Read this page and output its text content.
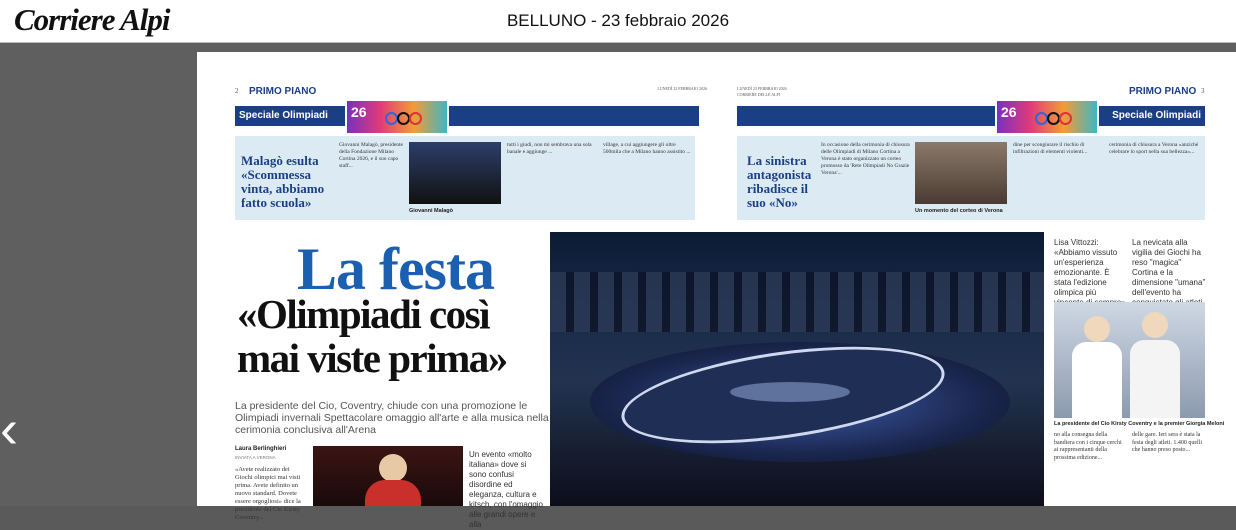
Corriere Alpi	BELLUNO - 23 febbraio 2026
‹
2 PRIMO PIANO	LUNEDÌ 23 FEBBRAIO 2026	LUNEDÌ 23 FEBBRAIO 2026
CORRIERE DELLE ALPI	PRIMO PIANO 3
Speciale Olimpiadi	Speciale Olimpiadi
26	26
Malagò esulta «Scommessa vinta, abbiamo fatto scuola»
Giovanni Malagò, presidente della Fondazione Milano Cortina 2026, e il suo capo staff...
Giovanni Malagò
tutti i giudi, non mi sembrava una sola banale e aggiunge ...
village, a cui aggiungere gli oltre 500mila che a Milano hanno assistito ...
La sinistra antagonista ribadisce il suo «No»
In occasione della cerimonia di chiusura delle Olimpiadi di Milano Cortina a Verona è stato organizzato un corteo promosso da 'Rete Olimpiadi No Grazie Verona'...
Un momento del corteo di Verona
dine per scongiurare il rischio di infiltrazioni di elementi violenti...
cerimonia di chiusura a Verona «anziché celebrare lo sport nella sua bellezza»...
La festa
«Olimpiadi così mai viste prima»
La presidente del Cio, Coventry, chiude con una promozione le Olimpiadi invernali Spettacolare omaggio all'arte e alla musica nella cerimonia conclusiva all'Arena
Laura Berlinghieri
INVIATA A VERONA
«Avete realizzato dei Giochi olimpici mai visti prima. Avete definito un nuovo standard. Dovete essere orgogliosi» dice la presidente del Cio Kirsty Coventry...
Un evento «molto italiana» dove si sono confusi disordine ed eleganza, cultura e kitsch, con l'omaggio alle grandi opere e alla
Lisa Vittozzi: «Abbiamo vissuto un'esperienza emozionante. È stata l'edizione olimpica più
La nevicata alla vigilia dei Giochi ha reso "magica" Cortina e la dimensione "umana" dell'evento ha
La presidente del Cio Kirsty Coventry e la premier Giorgia Meloni
no alla consegna della bandiera con i cinque cerchi ai rappresentanti della prossima edizione...
delle gare. Ieri sera è stata la festa degli atleti. 1.400 quelli che hanno preso posto...
